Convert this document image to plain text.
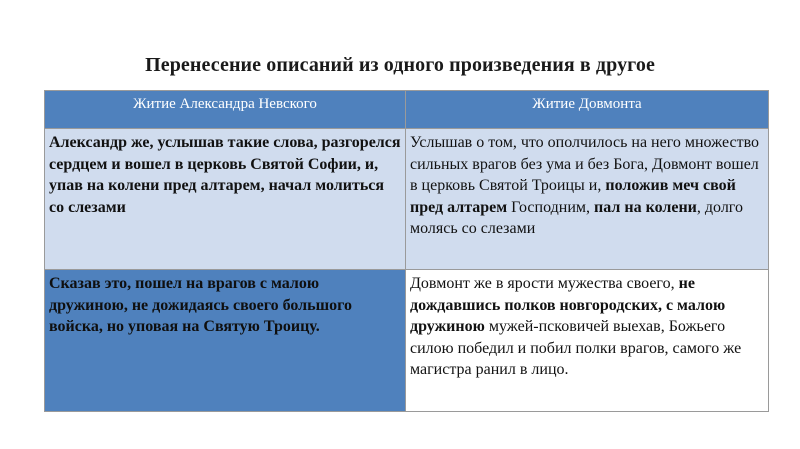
Перенесение описаний из одного произведения в другое
Житие Александра Невского	Житие Довмонта
Александр же, услышав такие слова, разгорелся сердцем и вошел в церковь Святой Софии, и, упав на колени пред алтарем, начал молиться со слезами	Услышав о том, что ополчилось на него множество сильных врагов без ума и без Бога, Довмонт вошел в церковь Святой Троицы и, положив меч свой пред алтарем Господним, пал на колени, долго молясь со слезами
Сказав это, пошел на врагов с малою дружиною, не дожидаясь своего большого войска, но уповая на Святую Троицу.	Довмонт же в ярости мужества своего, не дождавшись полков новгородских, с малою дружиною мужей-псковичей выехав, Божьего силою победил и побил полки врагов, самого же магистра ранил в лицо.
